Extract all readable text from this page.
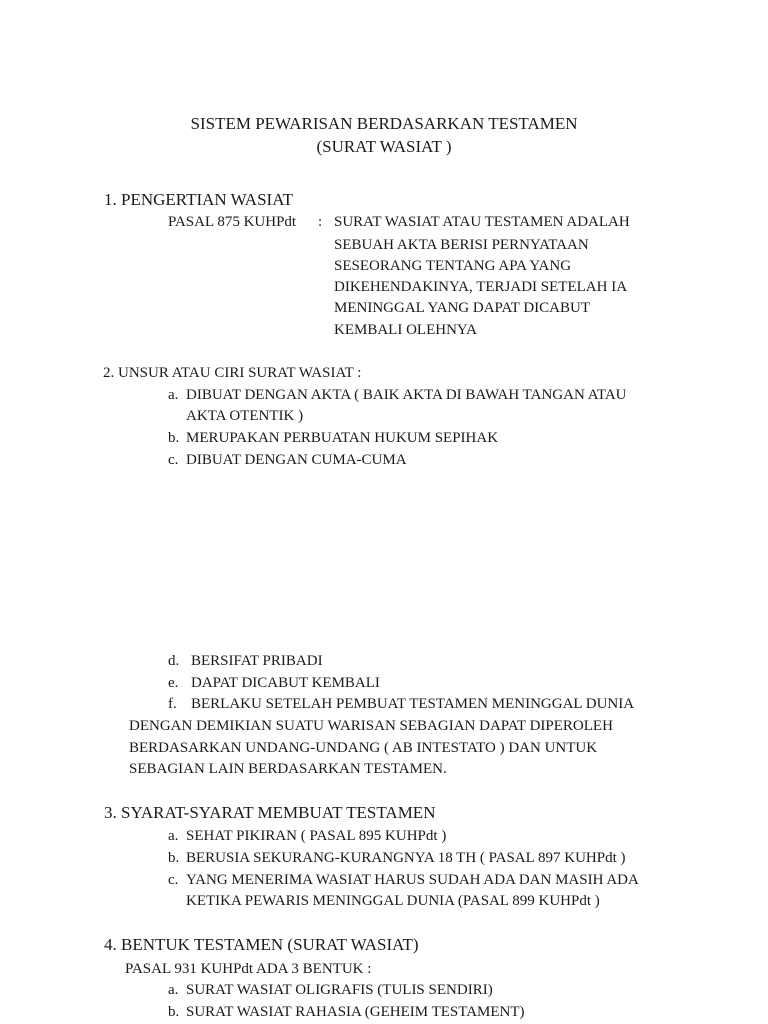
SISTEM PEWARISAN BERDASARKAN TESTAMEN
(SURAT WASIAT )
1. PENGERTIAN WASIAT
PASAL 875 KUHPdt : SURAT WASIAT ATAU TESTAMEN ADALAH
SEBUAH AKTA BERISI PERNYATAAN
SESEORANG TENTANG APA YANG
DIKEHENDAKINYA, TERJADI SETELAH IA
MENINGGAL YANG DAPAT DICABUT
KEMBALI OLEHNYA
2. UNSUR ATAU CIRI SURAT WASIAT :
a. DIBUAT DENGAN AKTA ( BAIK AKTA DI BAWAH TANGAN ATAU
AKTA OTENTIK )
b. MERUPAKAN PERBUATAN HUKUM SEPIHAK
c. DIBUAT DENGAN CUMA-CUMA
d. BERSIFAT PRIBADI
e. DAPAT DICABUT KEMBALI
f. BERLAKU SETELAH PEMBUAT TESTAMEN MENINGGAL DUNIA
DENGAN DEMIKIAN SUATU WARISAN SEBAGIAN DAPAT DIPEROLEH
BERDASARKAN UNDANG-UNDANG ( AB INTESTATO ) DAN UNTUK
SEBAGIAN LAIN BERDASARKAN TESTAMEN.
3. SYARAT-SYARAT MEMBUAT TESTAMEN
a. SEHAT PIKIRAN ( PASAL 895 KUHPdt )
b. BERUSIA SEKURANG-KURANGNYA 18 TH ( PASAL 897 KUHPdt )
c. YANG MENERIMA WASIAT HARUS SUDAH ADA DAN MASIH ADA
KETIKA PEWARIS MENINGGAL DUNIA (PASAL 899 KUHPdt )
4. BENTUK TESTAMEN (SURAT WASIAT)
PASAL 931 KUHPdt ADA 3 BENTUK :
a. SURAT WASIAT OLIGRAFIS (TULIS SENDIRI)
b. SURAT WASIAT RAHASIA (GEHEIM TESTAMENT)
